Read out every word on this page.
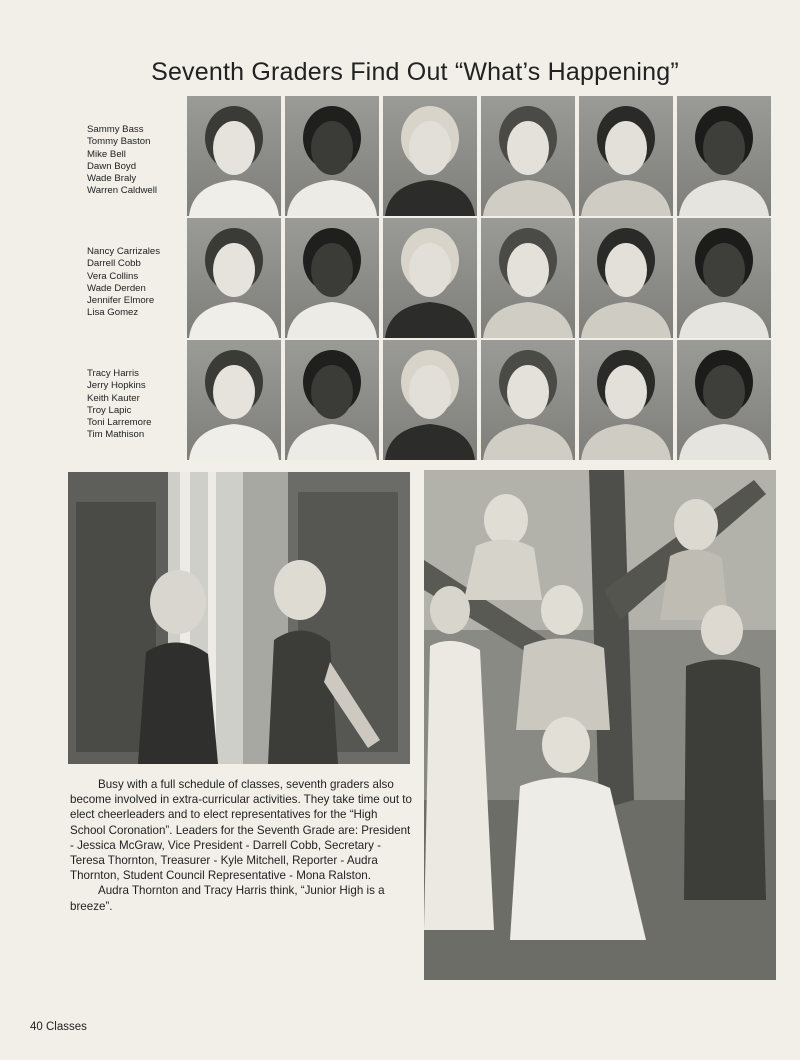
Seventh Graders Find Out “What’s Happening”
Sammy Bass
Tommy Baston
Mike Bell
Dawn Boyd
Wade Braly
Warren Caldwell
Nancy Carrizales
Darrell Cobb
Vera Collins
Wade Derden
Jennifer Elmore
Lisa Gomez
Tracy Harris
Jerry Hopkins
Keith Kauter
Troy Lapic
Toni Larremore
Tim Mathison

Busy with a full schedule of classes, seventh graders also become involved in extra-curricular activities. They take time out to elect cheerleaders and to elect representatives for the “High School Coronation”. Leaders for the Seventh Grade are: President - Jessica McGraw, Vice President - Darrell Cobb, Secretary - Teresa Thornton, Treasurer - Kyle Mitchell, Reporter - Audra Thornton, Student Council Representative - Mona Ralston.

Audra Thornton and Tracy Harris think, “Junior High is a breeze”.

40 Classes
